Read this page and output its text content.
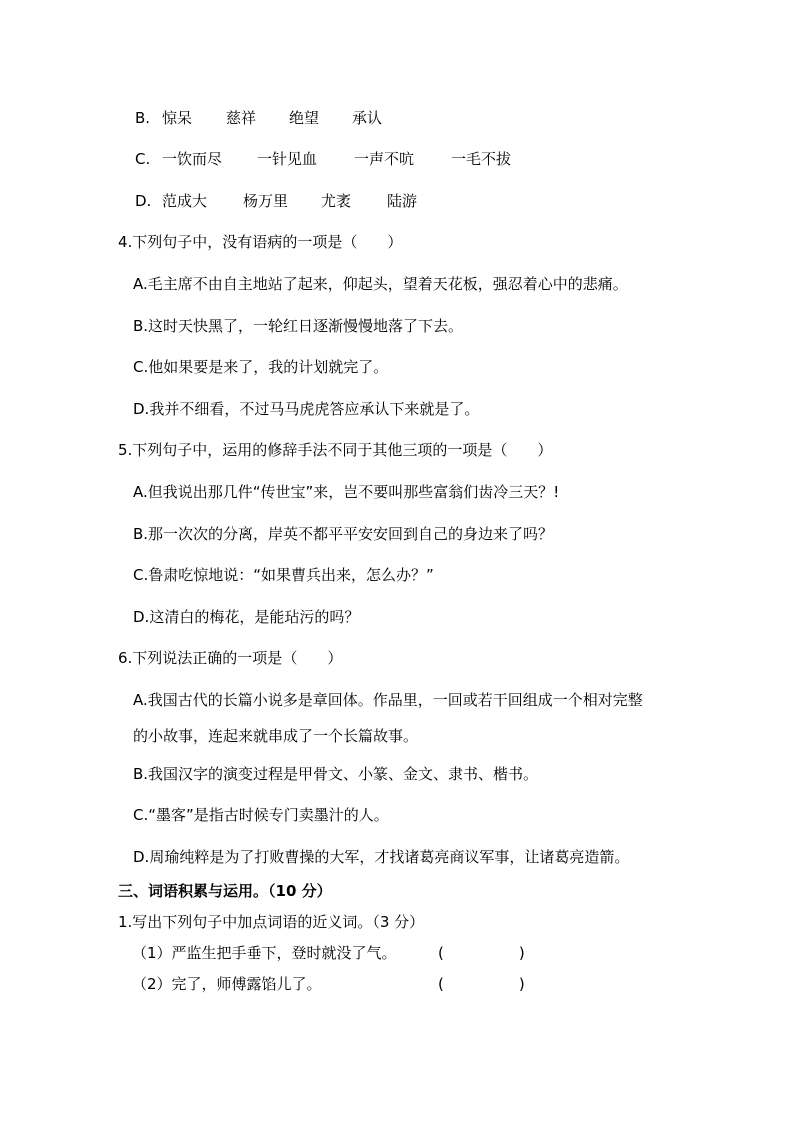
B. 惊呆 慈祥 绝望 承认
C. 一饮而尽 一针见血 一声不吭 一毛不拔
D. 范成大 杨万里 尤袤 陆游
4.下列句子中，没有语病的一项是（　　）
A.毛主席不由自主地站了起来，仰起头，望着天花板，强忍着心中的悲痛。
B.这时天快黑了，一轮红日逐渐慢慢地落了下去。
C.他如果要是来了，我的计划就完了。
D.我并不细看，不过马马虎虎答应承认下来就是了。
5.下列句子中，运用的修辞手法不同于其他三项的一项是（　　）
A.但我说出那几件“传世宝”来，岂不要叫那些富翁们齿冷三天？!
B.那一次次的分离，岸英不都平平安安回到自己的身边来了吗？
C.鲁肃吃惊地说：“如果曹兵出来，怎么办？”
D.这清白的梅花，是能玷污的吗？
6.下列说法正确的一项是（　　）
A.我国古代的长篇小说多是章回体。作品里，一回或若干回组成一个相对完整
的小故事，连起来就串成了一个长篇故事。
B.我国汉字的演变过程是甲骨文、小篆、金文、隶书、楷书。
C.“墨客”是指古时候专门卖墨汁的人。
D.周瑜纯粹是为了打败曹操的大军，才找诸葛亮商议军事，让诸葛亮造箭。
三、词语积累与运用。（10 分）
1.写出下列句子中加点词语的近义词。（3 分）
（1）严监生把手垂下，登时就没了气。	(　　　　　)
（2）完了，师傅露馅儿了。	(　　　　　)
